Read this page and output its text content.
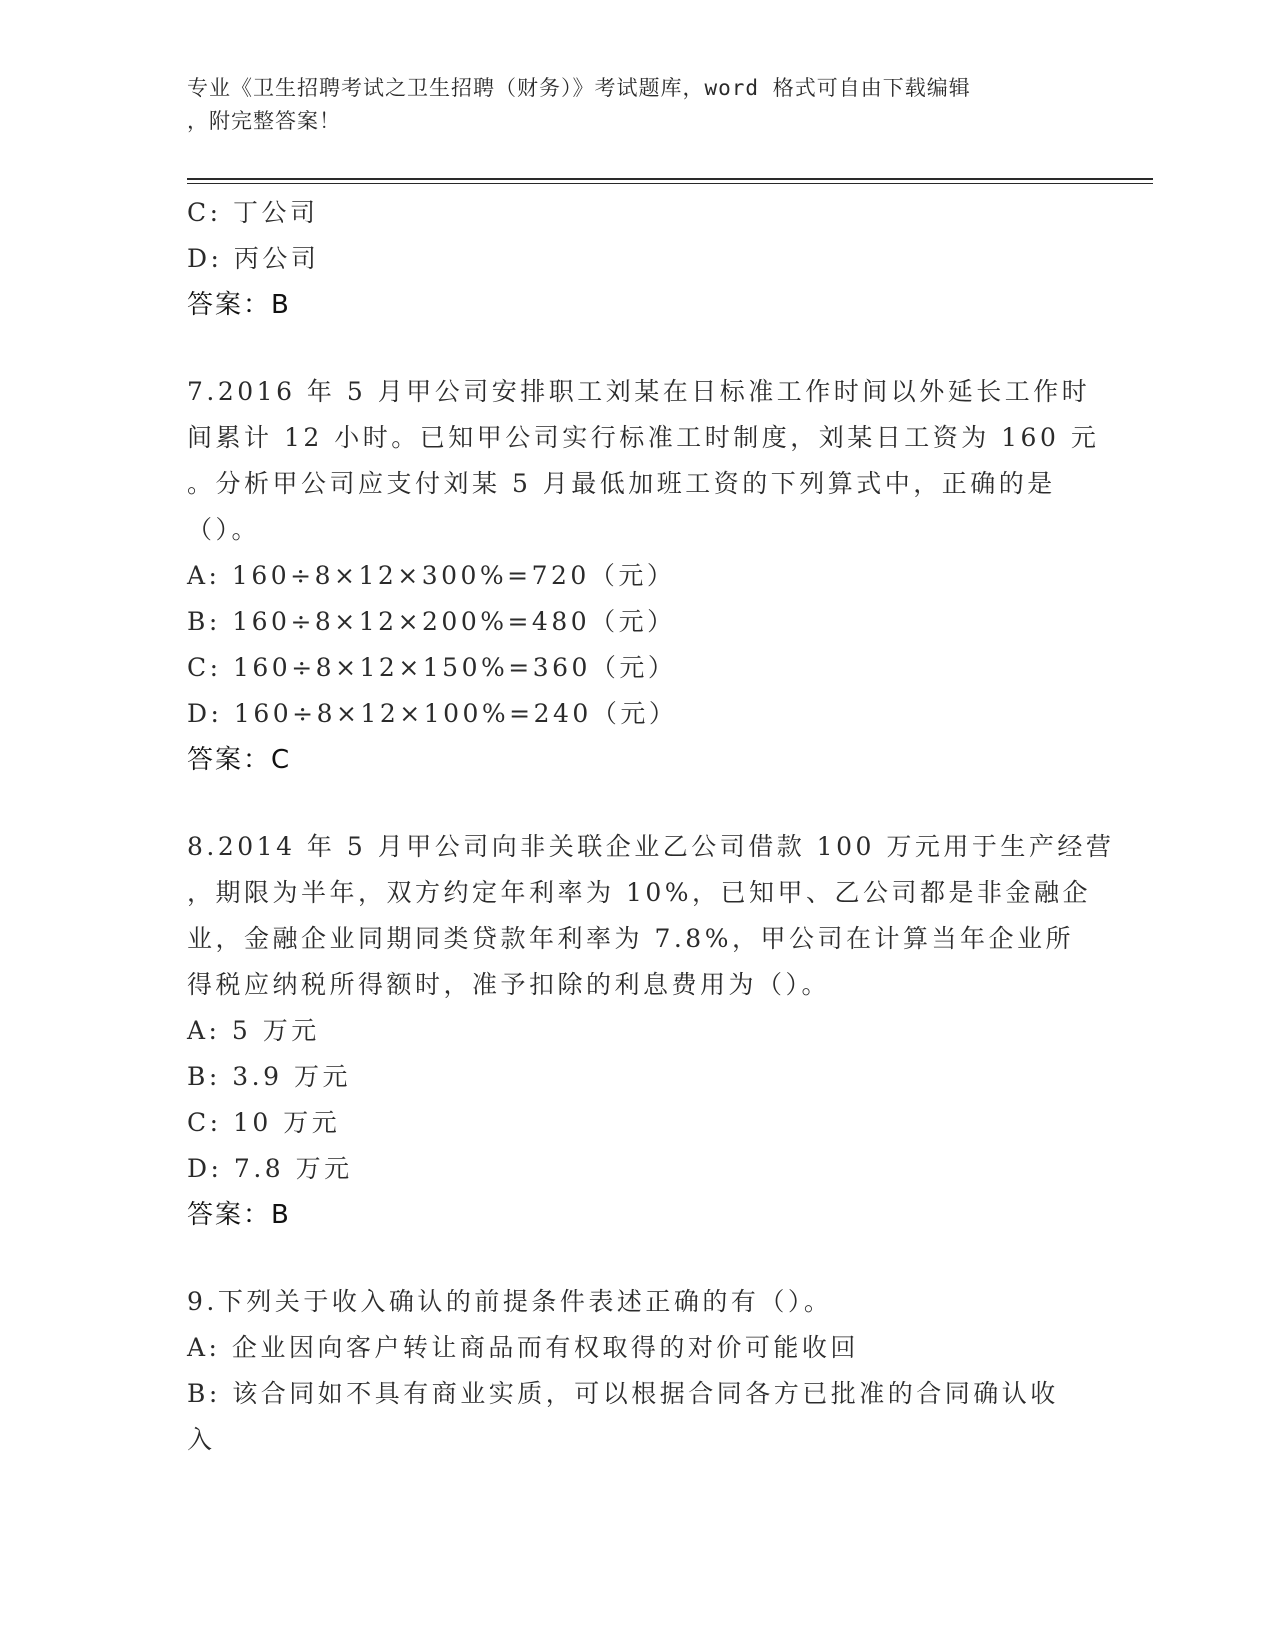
专业《卫生招聘考试之卫生招聘（财务）》考试题库，word 格式可自由下载编辑
，附完整答案！
C: 丁公司
D: 丙公司
答案：B
7.2016 年 5 月甲公司安排职工刘某在日标准工作时间以外延长工作时
间累计 12 小时。已知甲公司实行标准工时制度，刘某日工资为 160 元
。分析甲公司应支付刘某 5 月最低加班工资的下列算式中，正确的是
（）。
A: 160÷8×12×300%=720（元）
B: 160÷8×12×200%=480（元）
C: 160÷8×12×150%=360（元）
D: 160÷8×12×100%=240（元）
答案：C
8.2014 年 5 月甲公司向非关联企业乙公司借款 100 万元用于生产经营
，期限为半年，双方约定年利率为 10%，已知甲、乙公司都是非金融企
业，金融企业同期同类贷款年利率为 7.8%，甲公司在计算当年企业所
得税应纳税所得额时，准予扣除的利息费用为（）。
A: 5 万元
B: 3.9 万元
C: 10 万元
D: 7.8 万元
答案：B
9.下列关于收入确认的前提条件表述正确的有（）。
A: 企业因向客户转让商品而有权取得的对价可能收回
B: 该合同如不具有商业实质，可以根据合同各方已批准的合同确认收
入
